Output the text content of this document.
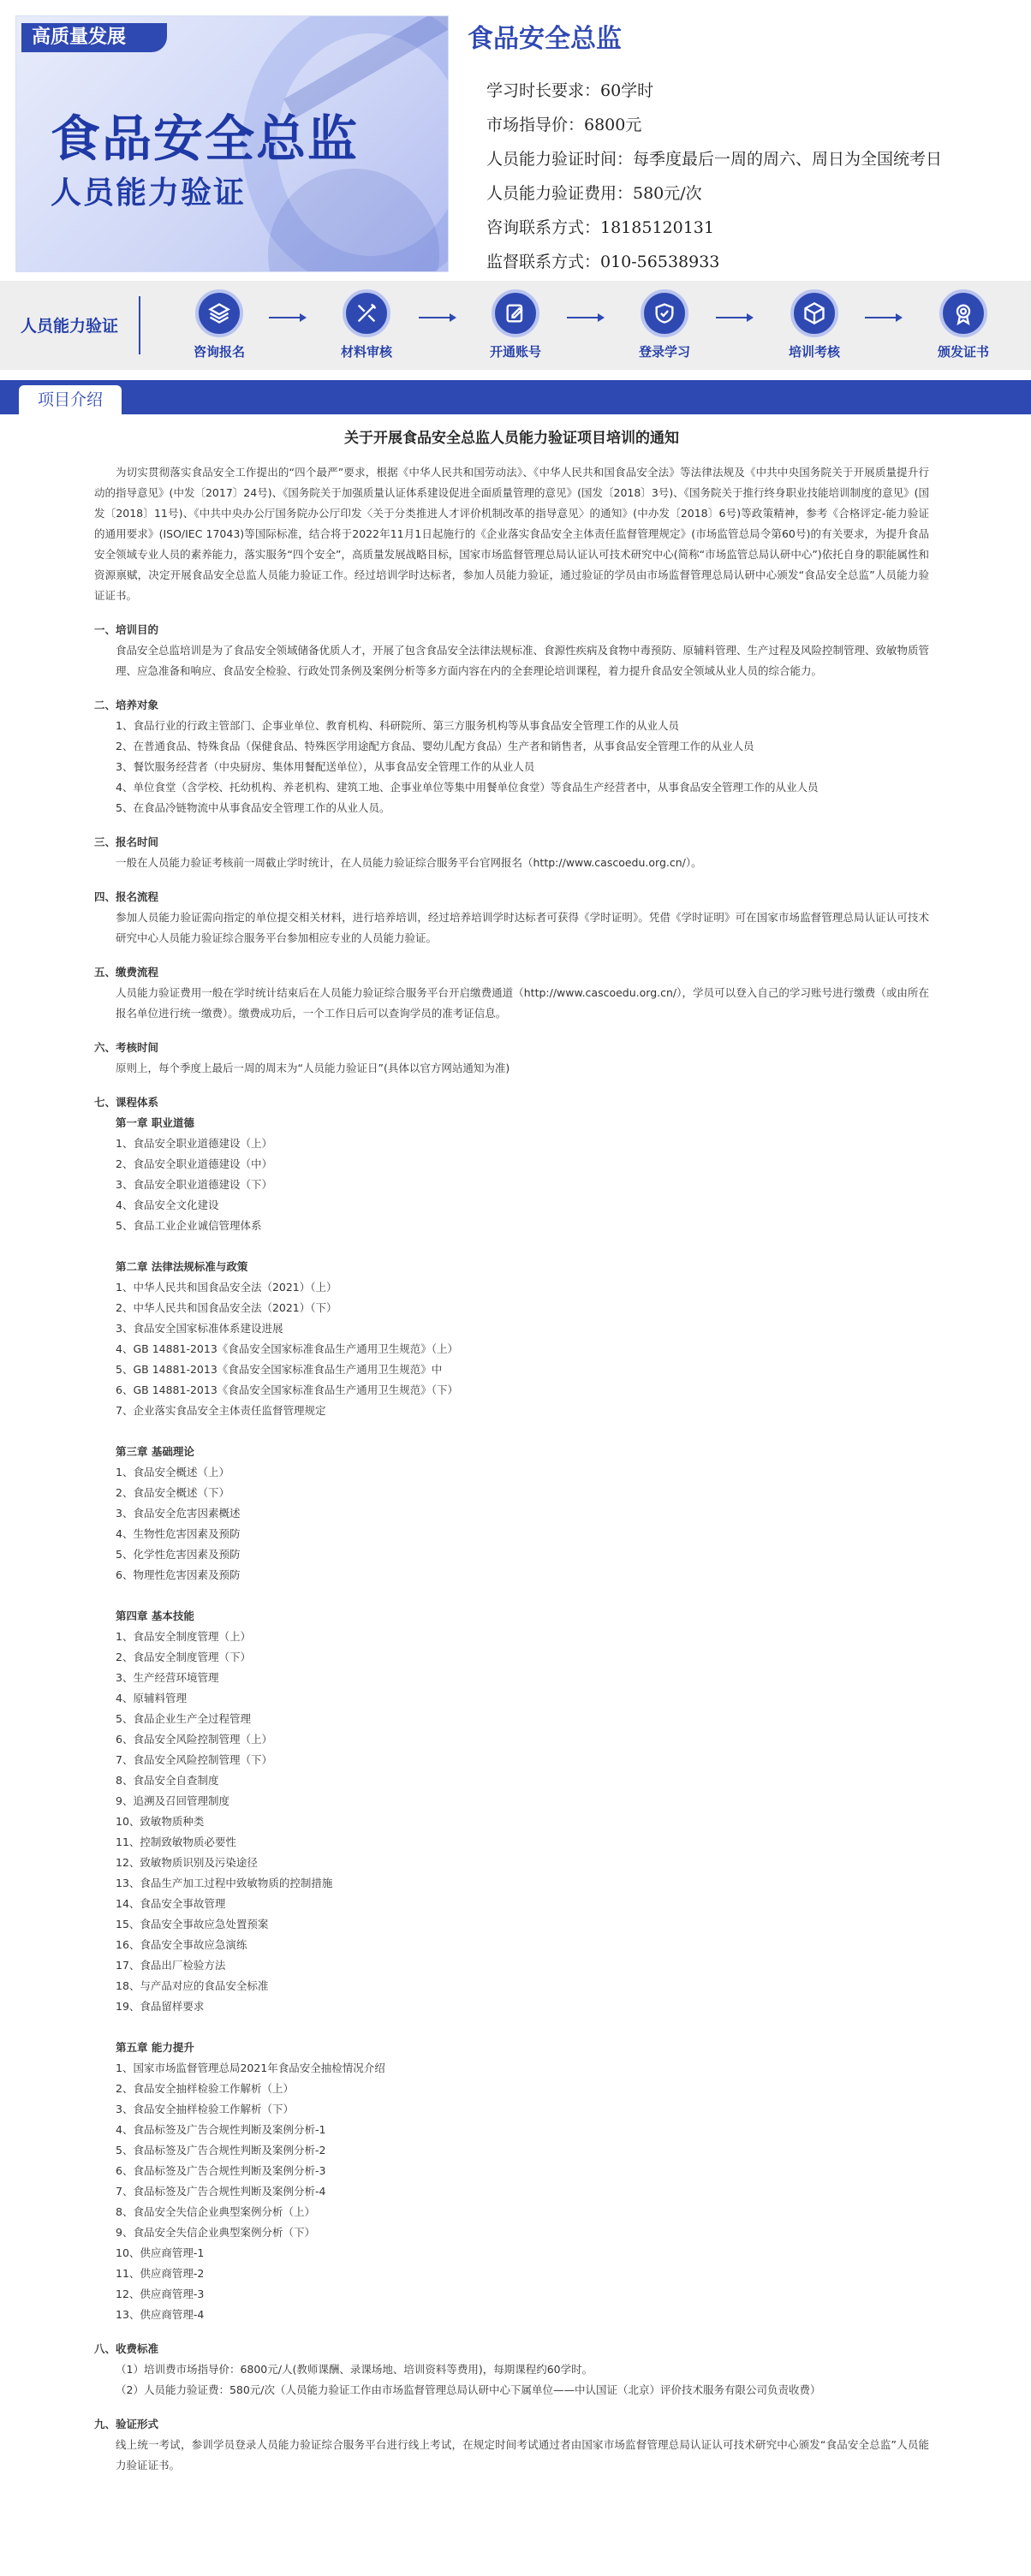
高质量发展
食品安全总监
人员能力验证
食品安全总监
学习时长要求：60学时
市场指导价：6800元
人员能力验证时间：每季度最后一周的周六、周日为全国统考日
人员能力验证费用：580元/次
咨询联系方式：18185120131
监督联系方式：010-56538933
人员能力验证
咨询报名	材料审核	开通账号	登录学习	培训考核	颁发证书
项目介绍
关于开展食品安全总监人员能力验证项目培训的通知
为切实贯彻落实食品安全工作提出的“四个最严”要求，根据《中华人民共和国劳动法》、《中华人民共和国食品安全法》等法律法规及《中共中央国务院关于开展质量提升行动的指导意见》(中发〔2017〕24号)、《国务院关于加强质量认证体系建设促进全面质量管理的意见》(国发〔2018〕3号)、《国务院关于推行终身职业技能培训制度的意见》(国发〔2018〕11号)、《中共中央办公厅国务院办公厅印发〈关于分类推进人才评价机制改革的指导意见〉的通知》(中办发〔2018〕6号)等政策精神，参考《合格评定-能力验证的通用要求》(ISO/IEC 17043)等国际标准，结合将于2022年11月1日起施行的《企业落实食品安全主体责任监督管理规定》(市场监管总局令第60号)的有关要求，为提升食品安全领域专业人员的素养能力，落实服务“四个安全”，高质量发展战略目标，国家市场监督管理总局认证认可技术研究中心(简称“市场监管总局认研中心”)依托自身的职能属性和资源禀赋，决定开展食品安全总监人员能力验证工作。经过培训学时达标者，参加人员能力验证，通过验证的学员由市场监督管理总局认研中心颁发“食品安全总监”人员能力验证证书。
一、培训目的
食品安全总监培训是为了食品安全领域储备优质人才，开展了包含食品安全法律法规标准、食源性疾病及食物中毒预防、原辅料管理、生产过程及风险控制管理、致敏物质管理、应急准备和响应、食品安全检验、行政处罚条例及案例分析等多方面内容在内的全套理论培训课程，着力提升食品安全领域从业人员的综合能力。
二、培养对象
1、食品行业的行政主管部门、企事业单位、教育机构、科研院所、第三方服务机构等从事食品安全管理工作的从业人员
2、在普通食品、特殊食品（保健食品、特殊医学用途配方食品、婴幼儿配方食品）生产者和销售者，从事食品安全管理工作的从业人员
3、餐饮服务经营者（中央厨房、集体用餐配送单位），从事食品安全管理工作的从业人员
4、单位食堂（含学校、托幼机构、养老机构、建筑工地、企事业单位等集中用餐单位食堂）等食品生产经营者中，从事食品安全管理工作的从业人员
5、在食品冷链物流中从事食品安全管理工作的从业人员。
三、报名时间
一般在人员能力验证考核前一周截止学时统计，在人员能力验证综合服务平台官网报名（http://www.cascoedu.org.cn/）。
四、报名流程
参加人员能力验证需向指定的单位提交相关材料，进行培养培训，经过培养培训学时达标者可获得《学时证明》。凭借《学时证明》可在国家市场监督管理总局认证认可技术研究中心人员能力验证综合服务平台参加相应专业的人员能力验证。
五、缴费流程
人员能力验证费用一般在学时统计结束后在人员能力验证综合服务平台开启缴费通道（http://www.cascoedu.org.cn/），学员可以登入自己的学习账号进行缴费（或由所在报名单位进行统一缴费）。缴费成功后，一个工作日后可以查询学员的准考证信息。
六、考核时间
原则上，每个季度上最后一周的周末为“人员能力验证日”(具体以官方网站通知为准)
七、课程体系
第一章 职业道德
1、食品安全职业道德建设（上）
2、食品安全职业道德建设（中）
3、食品安全职业道德建设（下）
4、食品安全文化建设
5、食品工业企业诚信管理体系
第二章 法律法规标准与政策
1、中华人民共和国食品安全法（2021）（上）
2、中华人民共和国食品安全法（2021）（下）
3、食品安全国家标准体系建设进展
4、GB 14881-2013《食品安全国家标准食品生产通用卫生规范》（上）
5、GB 14881-2013《食品安全国家标准食品生产通用卫生规范》中
6、GB 14881-2013《食品安全国家标准食品生产通用卫生规范》（下）
7、企业落实食品安全主体责任监督管理规定
第三章 基础理论
1、食品安全概述（上）
2、食品安全概述（下）
3、食品安全危害因素概述
4、生物性危害因素及预防
5、化学性危害因素及预防
6、物理性危害因素及预防
第四章 基本技能
1、食品安全制度管理（上）
2、食品安全制度管理（下）
3、生产经营环境管理
4、原辅料管理
5、食品企业生产全过程管理
6、食品安全风险控制管理（上）
7、食品安全风险控制管理（下）
8、食品安全自查制度
9、追溯及召回管理制度
10、致敏物质种类
11、控制致敏物质必要性
12、致敏物质识别及污染途径
13、食品生产加工过程中致敏物质的控制措施
14、食品安全事故管理
15、食品安全事故应急处置预案
16、食品安全事故应急演练
17、食品出厂检验方法
18、与产品对应的食品安全标准
19、食品留样要求
第五章 能力提升
1、国家市场监督管理总局2021年食品安全抽检情况介绍
2、食品安全抽样检验工作解析（上）
3、食品安全抽样检验工作解析（下）
4、食品标签及广告合规性判断及案例分析-1
5、食品标签及广告合规性判断及案例分析-2
6、食品标签及广告合规性判断及案例分析-3
7、食品标签及广告合规性判断及案例分析-4
8、食品安全失信企业典型案例分析（上）
9、食品安全失信企业典型案例分析（下）
10、供应商管理-1
11、供应商管理-2
12、供应商管理-3
13、供应商管理-4
八、收费标准
（1）培训费市场指导价：6800元/人(教师课酬、录课场地、培训资料等费用)，每期课程约60学时。
（2）人员能力验证费：580元/次（人员能力验证工作由市场监督管理总局认研中心下属单位——中认国证（北京）评价技术服务有限公司负责收费）
九、验证形式
线上统一考试，参训学员登录人员能力验证综合服务平台进行线上考试，在规定时间考试通过者由国家市场监督管理总局认证认可技术研究中心颁发“食品安全总监”人员能力验证证书。
